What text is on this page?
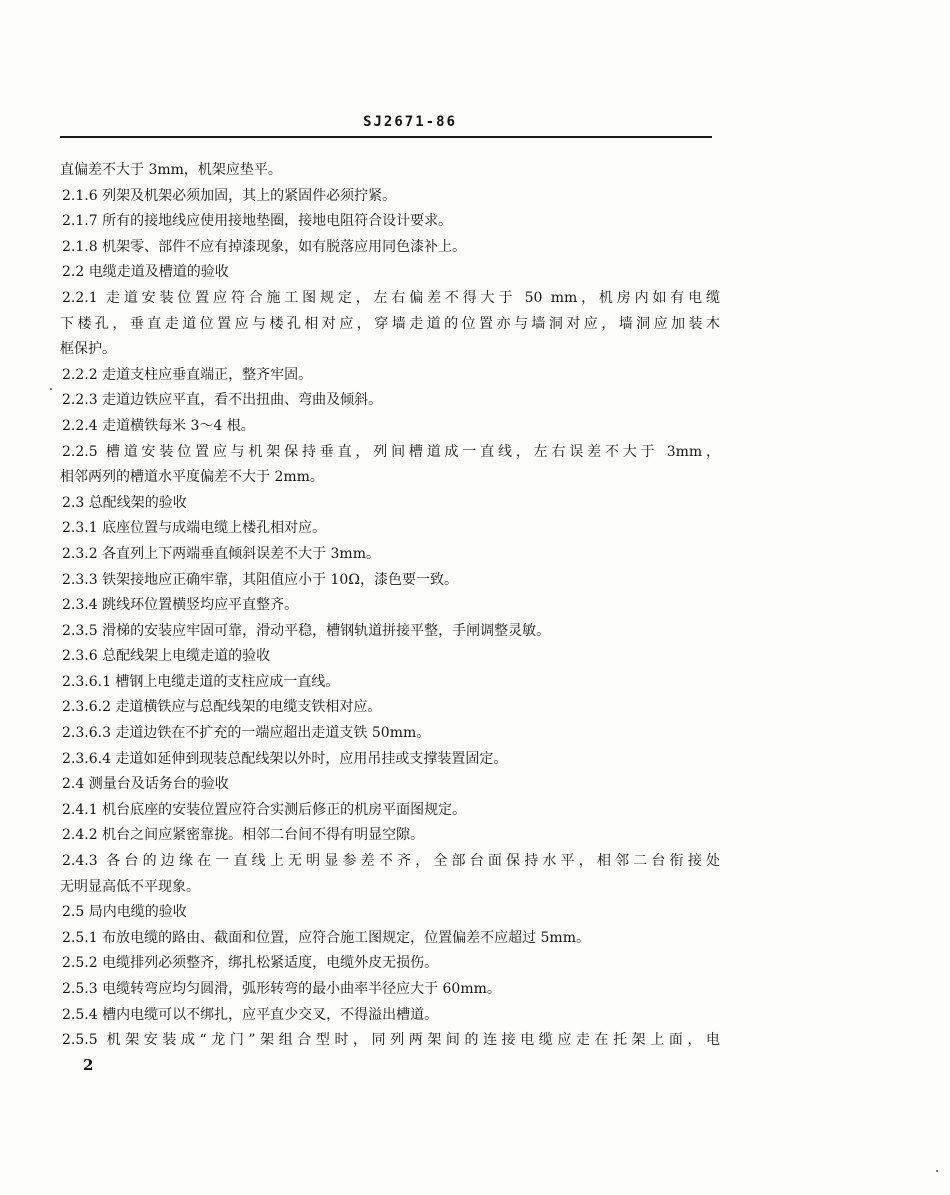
SJ2671-86
直偏差不大于 3mm，机架应垫平。
2.1.6 列架及机架必须加固，其上的紧固件必须拧紧。
2.1.7 所有的接地线应使用接地垫圈，接地电阻符合设计要求。
2.1.8 机架零、部件不应有掉漆现象，如有脱落应用同色漆补上。
2.2 电缆走道及槽道的验收
2.2.1 走道安装位置应符合施工图规定，左右偏差不得大于 50 mm，机房内如有电缆
下楼孔，垂直走道位置应与楼孔相对应，穿墙走道的位置亦与墙洞对应，墙洞应加装木
框保护。
2.2.2 走道支柱应垂直端正，整齐牢固。
2.2.3 走道边铁应平直，看不出扭曲、弯曲及倾斜。
2.2.4 走道横铁每米 3～4 根。
2.2.5 槽道安装位置应与机架保持垂直，列间槽道成一直线，左右误差不大于 3mm，
相邻两列的槽道水平度偏差不大于 2mm。
2.3 总配线架的验收
2.3.1 底座位置与成端电缆上楼孔相对应。
2.3.2 各直列上下两端垂直倾斜误差不大于 3mm。
2.3.3 铁架接地应正确牢靠，其阻值应小于 10Ω，漆色要一致。
2.3.4 跳线环位置横竖均应平直整齐。
2.3.5 滑梯的安装应牢固可靠，滑动平稳，槽钢轨道拼接平整，手闸调整灵敏。
2.3.6 总配线架上电缆走道的验收
2.3.6.1 槽钢上电缆走道的支柱应成一直线。
2.3.6.2 走道横铁应与总配线架的电缆支铁相对应。
2.3.6.3 走道边铁在不扩充的一端应超出走道支铁 50mm。
2.3.6.4 走道如延伸到现装总配线架以外时，应用吊挂或支撑装置固定。
2.4 测量台及话务台的验收
2.4.1 机台底座的安装位置应符合实测后修正的机房平面图规定。
2.4.2 机台之间应紧密靠拢。相邻二台间不得有明显空隙。
2.4.3 各台的边缘在一直线上无明显参差不齐，全部台面保持水平，相邻二台衔接处
无明显高低不平现象。
2.5 局内电缆的验收
2.5.1 布放电缆的路由、截面和位置，应符合施工图规定，位置偏差不应超过 5mm。
2.5.2 电缆排列必须整齐，绑扎松紧适度，电缆外皮无损伤。
2.5.3 电缆转弯应均匀圆滑，弧形转弯的最小曲率半径应大于 60mm。
2.5.4 槽内电缆可以不绑扎，应平直少交叉，不得溢出槽道。
2.5.5 机架安装成“龙门”架组合型时，同列两架间的连接电缆应走在托架上面，电
2
